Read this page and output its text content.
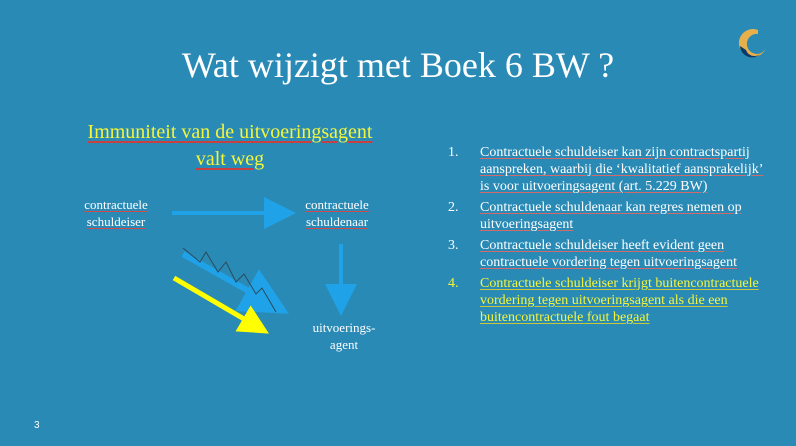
Wat wijzigt met Boek 6 BW ?
Immuniteit van de uitvoeringsagent
valt weg
contractuele
schuldeiser
contractuele
schuldenaar
uitvoerings-
agent
1. Contractuele schuldeiser kan zijn contractspartij aanspreken, waarbij die ‘kwalitatief aansprakelijk’ is voor uitvoeringsagent (art. 5.229 BW)
2. Contractuele schuldenaar kan regres nemen op uitvoeringsagent
3. Contractuele schuldeiser heeft evident geen contractuele vordering tegen uitvoeringsagent
4. Contractuele schuldeiser krijgt buitencontractuele vordering tegen uitvoeringsagent als die een buitencontractuele fout begaat
3
